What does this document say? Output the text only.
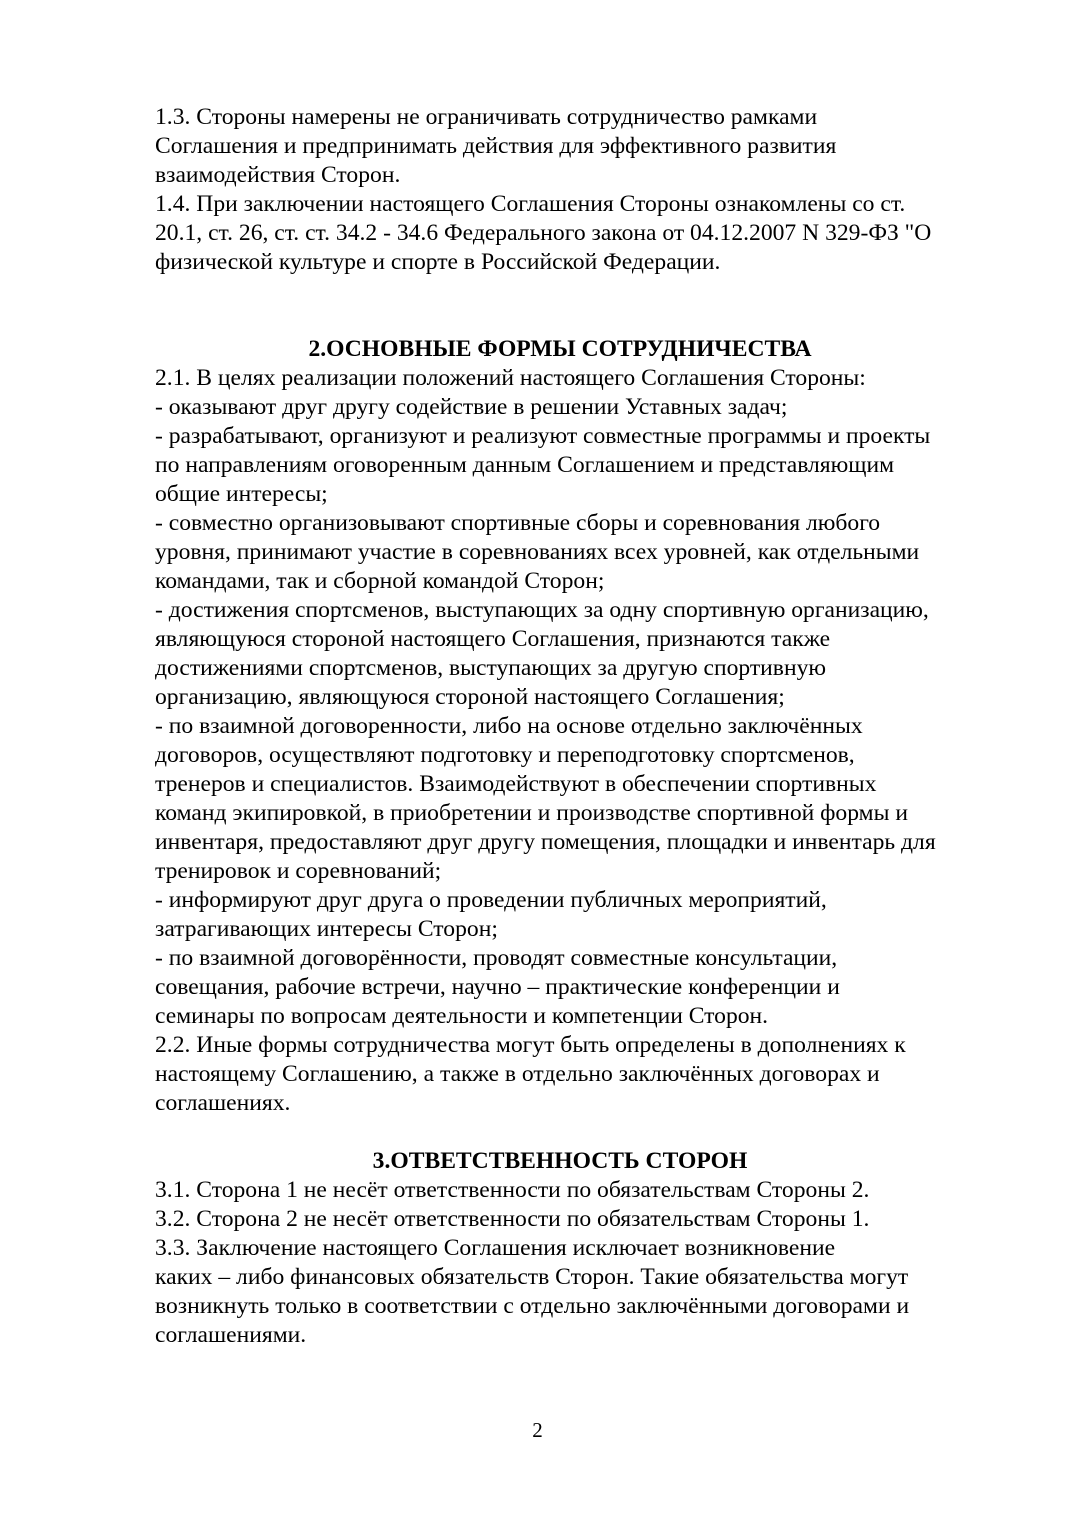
1.3. Стороны намерены не ограничивать сотрудничество рамками
Соглашения и предпринимать действия для эффективного развития
взаимодействия Сторон.

1.4. При заключении настоящего Соглашения Стороны ознакомлены со ст.
20.1, ст. 26, ст. ст. 34.2 - 34.6 Федерального закона от 04.12.2007 N 329-ФЗ "О
физической культуре и спорте в Российской Федерации.

2.ОСНОВНЫЕ ФОРМЫ СОТРУДНИЧЕСТВА

2.1. В целях реализации положений настоящего Соглашения Стороны:

- оказывают друг другу содействие в решении Уставных задач;

- разрабатывают, организуют и реализуют совместные программы и проекты
по направлениям оговоренным данным Соглашением и представляющим
общие интересы;

- совместно организовывают спортивные сборы и соревнования любого
уровня, принимают участие в соревнованиях всех уровней, как отдельными
командами, так и сборной командой Сторон;

- достижения спортсменов, выступающих за одну спортивную организацию,
являющуюся стороной настоящего Соглашения, признаются также
достижениями спортсменов, выступающих за другую спортивную
организацию, являющуюся стороной настоящего Соглашения;

- по взаимной договоренности, либо на основе отдельно заключённых
договоров, осуществляют подготовку и переподготовку спортсменов,
тренеров и специалистов. Взаимодействуют в обеспечении спортивных
команд экипировкой, в приобретении и производстве спортивной формы и
инвентаря, предоставляют друг другу помещения, площадки и инвентарь для
тренировок и соревнований;

- информируют друг друга о проведении публичных мероприятий,
затрагивающих интересы Сторон;

- по взаимной договорённости, проводят совместные консультации,
совещания, рабочие встречи, научно – практические конференции и
семинары по вопросам деятельности и компетенции Сторон.

2.2. Иные формы сотрудничества могут быть определены в дополнениях к
настоящему Соглашению, а также в отдельно заключённых договорах и
соглашениях.

3.ОТВЕТСТВЕННОСТЬ СТОРОН

3.1. Сторона 1 не несёт ответственности по обязательствам Стороны 2.

3.2. Сторона 2 не несёт ответственности по обязательствам Стороны 1.

3.3. Заключение настоящего Соглашения исключает возникновение
каких – либо финансовых обязательств Сторон. Такие обязательства могут
возникнуть только в соответствии с отдельно заключёнными договорами и
соглашениями.

2
